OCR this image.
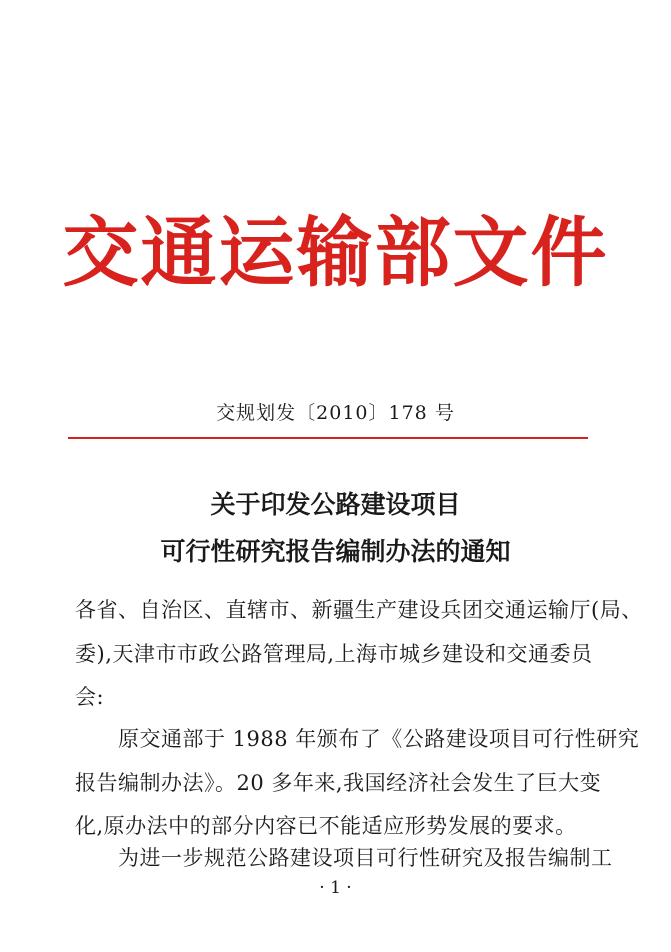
交通运输部文件
交规划发〔2010〕178 号
关于印发公路建设项目
可行性研究报告编制办法的通知
各省、自治区、直辖市、新疆生产建设兵团交通运输厅(局、
委),天津市市政公路管理局,上海市城乡建设和交通委员
会:
原交通部于 1988 年颁布了《公路建设项目可行性研究
报告编制办法》。20 多年来,我国经济社会发生了巨大变
化,原办法中的部分内容已不能适应形势发展的要求。
为进一步规范公路建设项目可行性研究及报告编制工
· 1 ·
